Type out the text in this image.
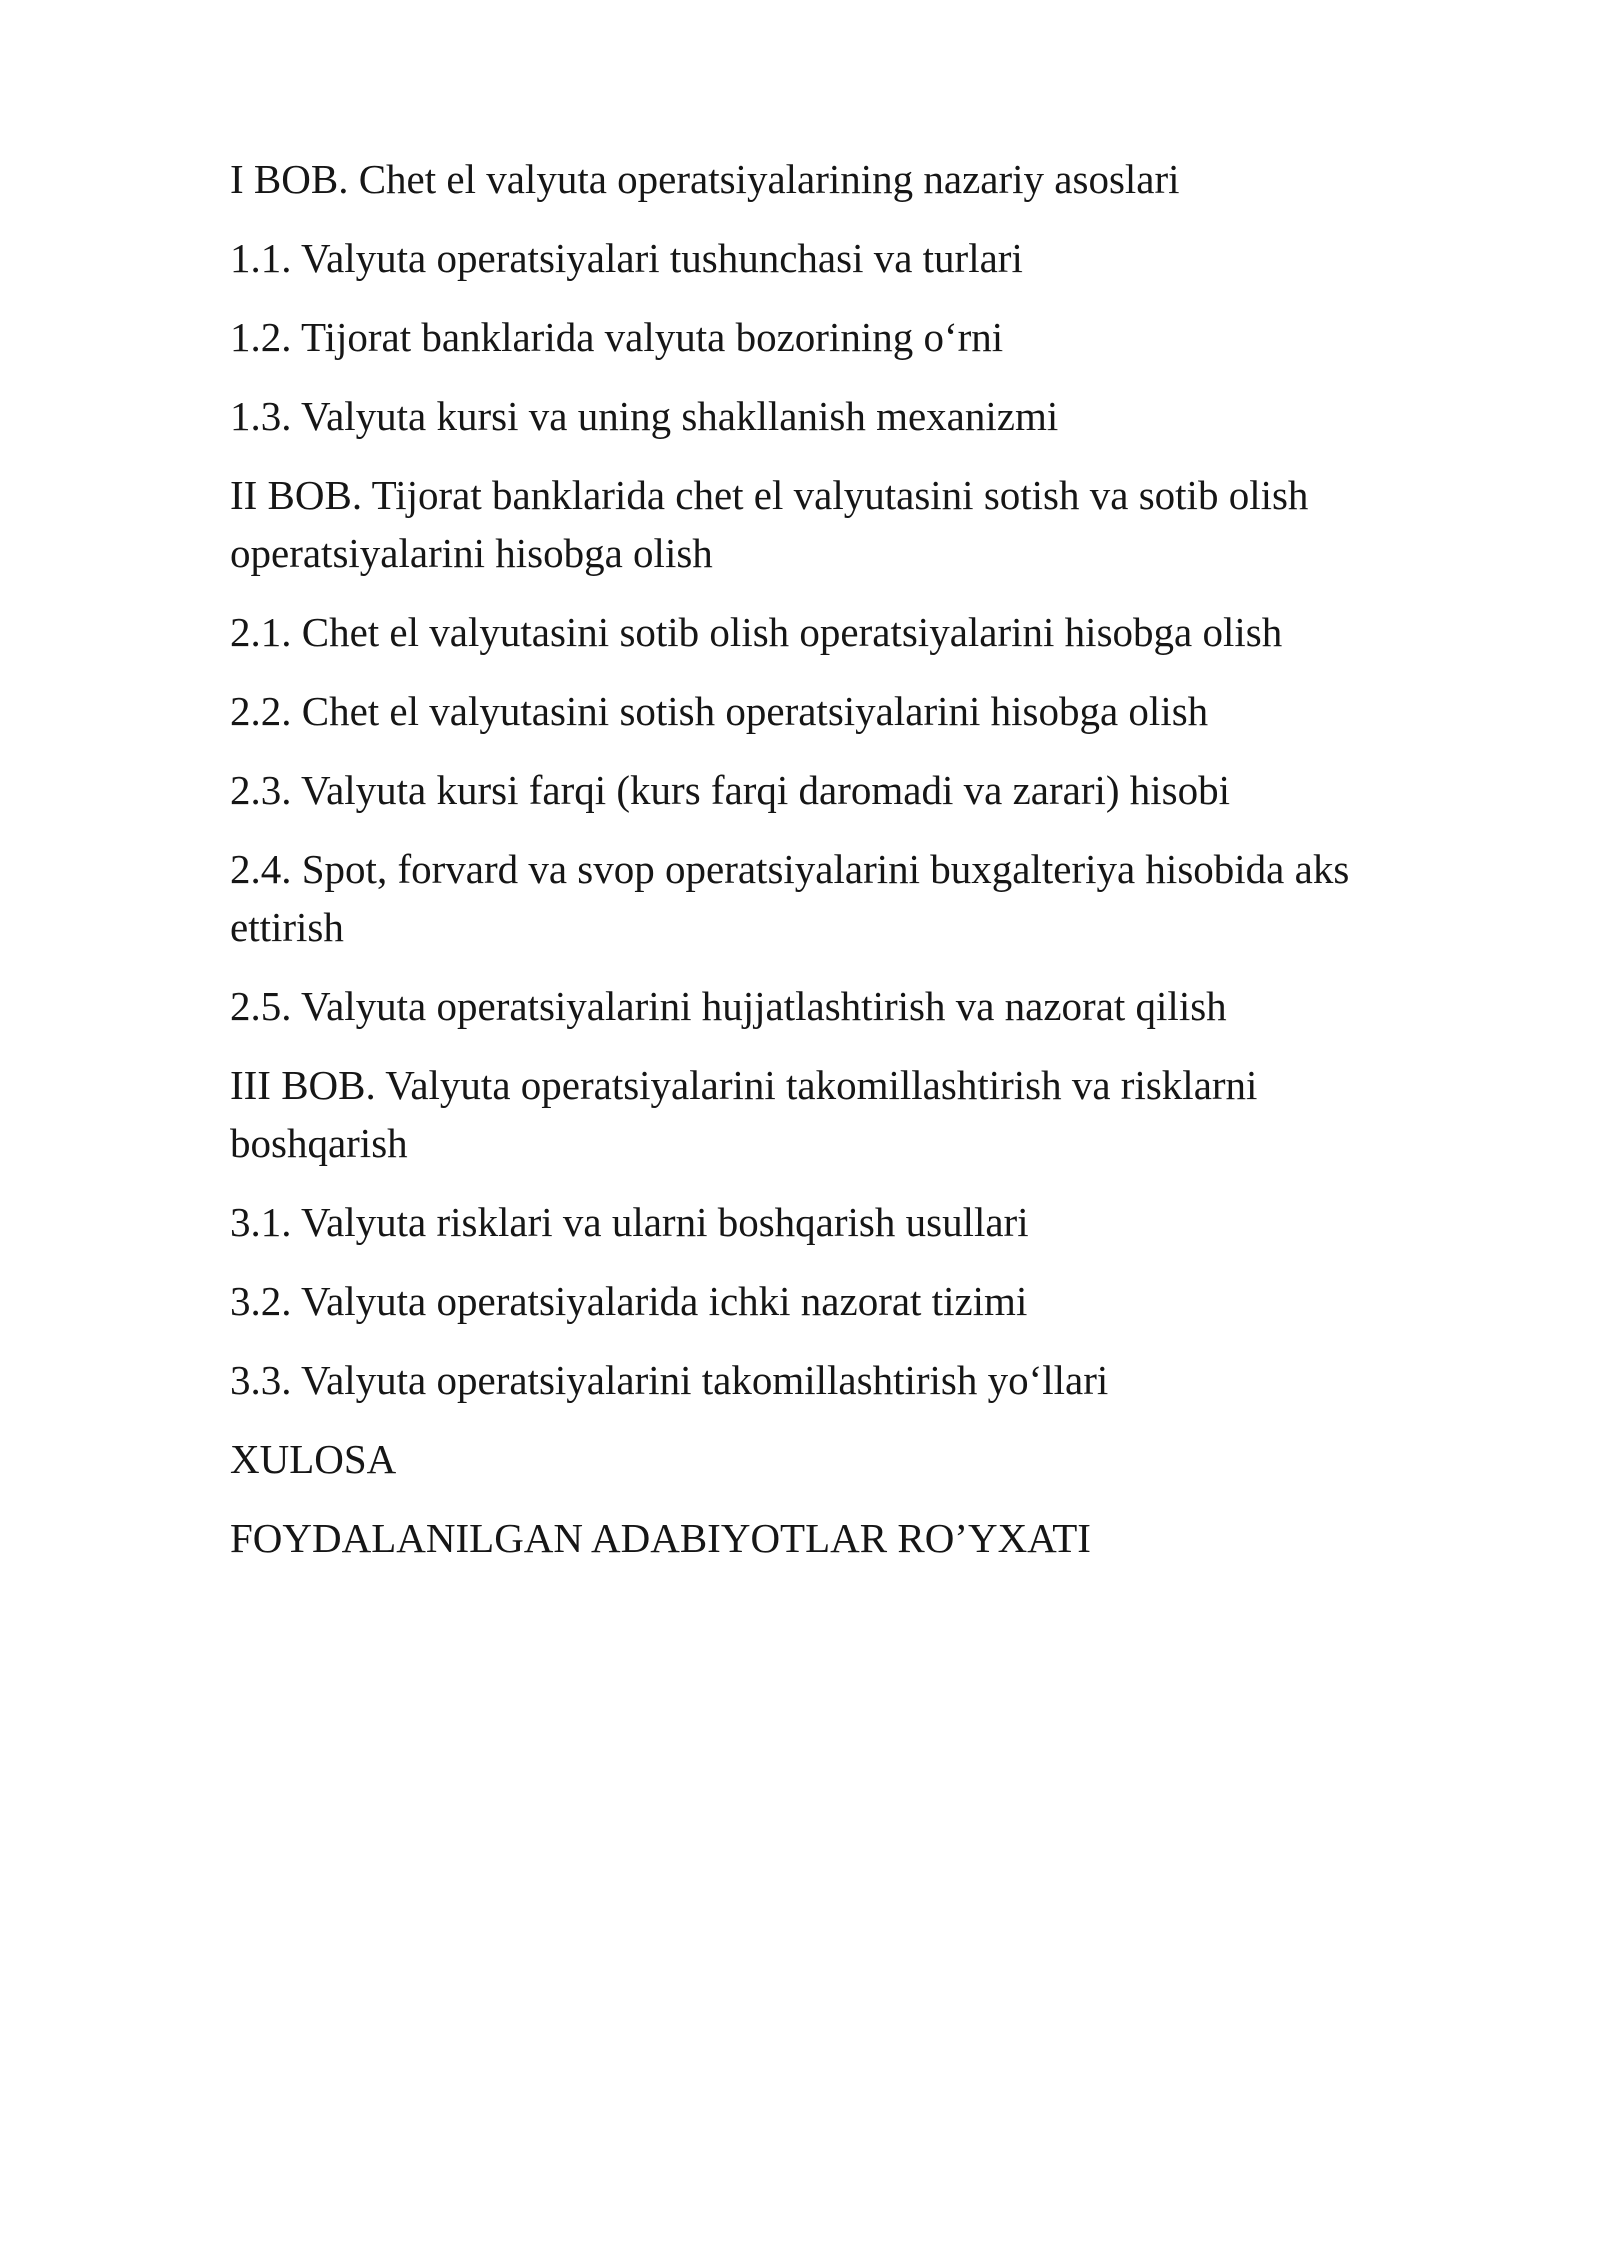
I BOB. Chet el valyuta operatsiyalarining nazariy asoslari
1.1. Valyuta operatsiyalari tushunchasi va turlari
1.2. Tijorat banklarida valyuta bozorining o‘rni
1.3. Valyuta kursi va uning shakllanish mexanizmi
II BOB. Tijorat banklarida chet el valyutasini sotish va sotib olish operatsiyalarini hisobga olish
2.1. Chet el valyutasini sotib olish operatsiyalarini hisobga olish
2.2. Chet el valyutasini sotish operatsiyalarini hisobga olish
2.3. Valyuta kursi farqi (kurs farqi daromadi va zarari) hisobi
2.4. Spot, forvard va svop operatsiyalarini buxgalteriya hisobida aks ettirish
2.5. Valyuta operatsiyalarini hujjatlashtirish va nazorat qilish
III BOB. Valyuta operatsiyalarini takomillashtirish va risklarni boshqarish
3.1. Valyuta risklari va ularni boshqarish usullari
3.2. Valyuta operatsiyalarida ichki nazorat tizimi
3.3. Valyuta operatsiyalarini takomillashtirish yo‘llari
XULOSA
FOYDALANILGAN ADABIYOTLAR RO’YXATI
